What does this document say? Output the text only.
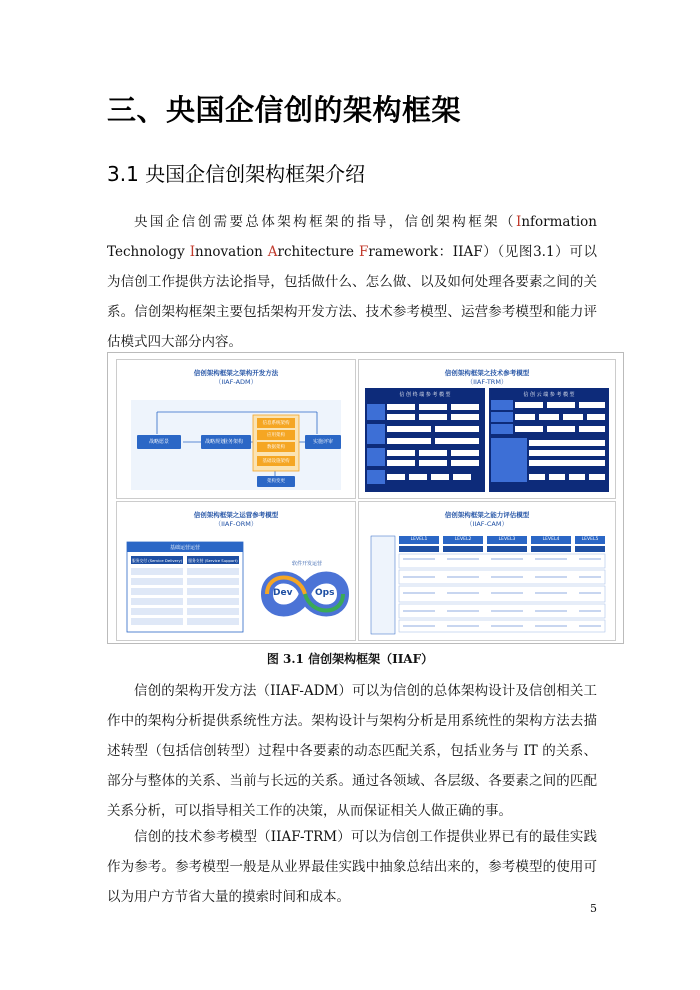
三、央国企信创的架构框架
3.1 央国企信创架构框架介绍

央国企信创需要总体架构框架的指导，信创架构框架（Information Technology Innovation Architecture Framework：IIAF）（见图3.1）可以为信创工作提供方法论指导，包括做什么、怎么做、以及如何处理各要素之间的关系。信创架构框架主要包括架构开发方法、技术参考模型、运营参考模型和能力评估模式四大部分内容。

信创架构框架之架构开发方法
（IIAF-ADM）
战略愿景	战略规划
业务架构	实施评审
信息系统架构
应用架构
数据架构
基础设施架构
架构变更
信创架构框架之技术参考模型
（IIAF-TRM）
信 创 终 端 参 考 模 型	信 创 云 端 参 考 模 型
信创架构框架之运营参考模型
（IIAF-ORM）
基础运营运营
服务交付 (Service Delivery)	服务支持 (Service Support)
软件开发运营
Dev	Ops
信创架构框架之能力评估模型
（IIAF-CAM）
LEVEL1	LEVEL2	LEVEL3	LEVEL4	LEVEL5
图 3.1 信创架构框架（IIAF）

信创的架构开发方法（IIAF-ADM）可以为信创的总体架构设计及信创相关工作中的架构分析提供系统性方法。架构设计与架构分析是用系统性的架构方法去描述转型（包括信创转型）过程中各要素的动态匹配关系，包括业务与 IT 的关系、部分与整体的关系、当前与长远的关系。通过各领域、各层级、各要素之间的匹配关系分析，可以指导相关工作的决策，从而保证相关人做正确的事。

信创的技术参考模型（IIAF-TRM）可以为信创工作提供业界已有的最佳实践作为参考。参考模型一般是从业界最佳实践中抽象总结出来的，参考模型的使用可以为用户方节省大量的摸索时间和成本。

5
